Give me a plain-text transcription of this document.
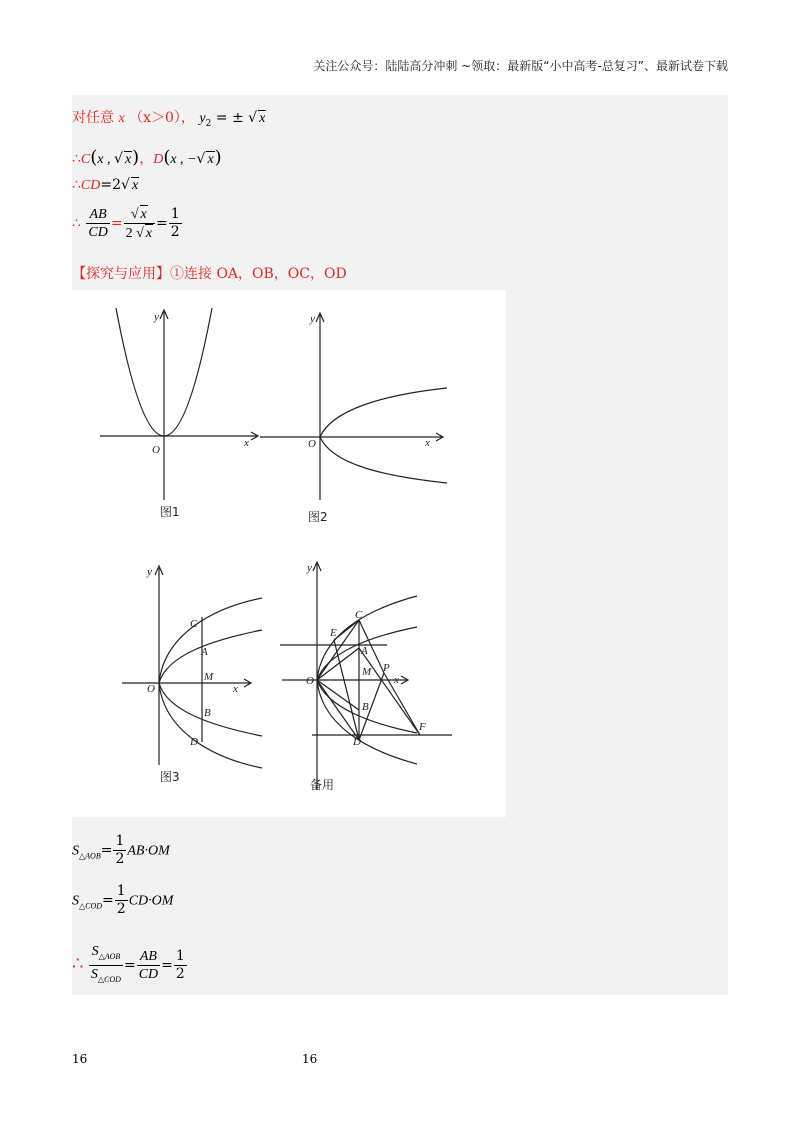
关注公众号：陆陆高分冲刺 ~领取：最新版“小中高考-总复习”、最新试卷下载
对任意 x （x＞0）， $y_2$ = ± √ x
∴C(x , √ x)，D(x , −√ x)
∴CD=2√ x
∴ $\frac{AB}{CD} = \frac{√ x}{2 √ x} = \frac{1}{2}$
【探究与应用】①连接 OA，OB，OC，OD
y
x
O
y
x
O
y
x
O
C
A
M
B
D
y
x
O
C
E
A
M P
B
D
F
图1	图2
图3
备用
$S_{\triangle AOB}= \frac{1}{2} AB\cdot OM$
$S_{\triangle COD}= \frac{1}{2} CD\cdot OM$
∴ $\frac{S_{\triangle AOB}}{S_{\triangle COD}} = \frac{AB}{CD} = \frac{1}{2}$
16	16
